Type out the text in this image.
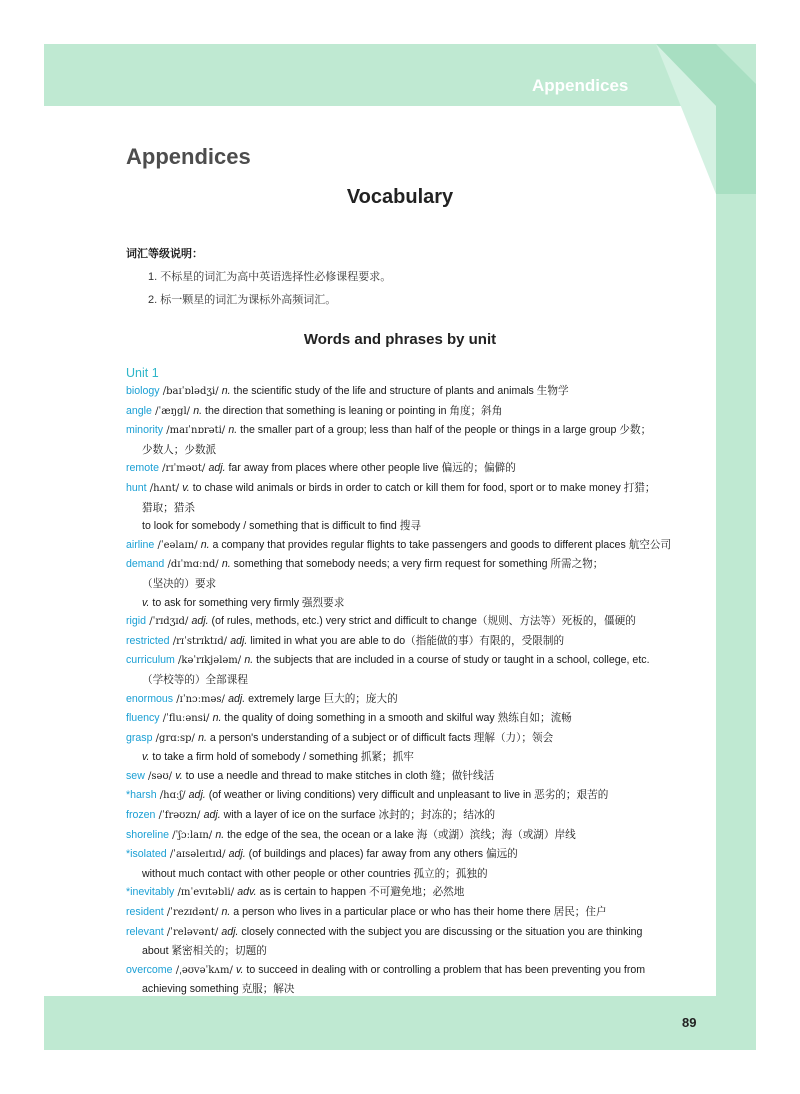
Appendices
Appendices
Vocabulary
词汇等级说明：
1. 不标星的词汇为高中英语选择性必修课程要求。
2. 标一颗星的词汇为课标外高频词汇。
Words and phrases by unit
Unit 1
biology /baɪˈɒlədʒi/ n. the scientific study of the life and structure of plants and animals 生物学
angle /ˈæŋgl/ n. the direction that something is leaning or pointing in 角度；斜角
minority /maɪˈnɒrəti/ n. the smaller part of a group; less than half of the people or things in a large group 少数；
少数人；少数派
remote /rɪˈməʊt/ adj. far away from places where other people live 偏远的；偏僻的
hunt /hʌnt/ v. to chase wild animals or birds in order to catch or kill them for food, sport or to make money 打猎；
猎取；猎杀
to look for somebody / something that is difficult to find 搜寻
airline /ˈeəlaɪn/ n. a company that provides regular flights to take passengers and goods to different places 航空公司
demand /dɪˈmɑːnd/ n. something that somebody needs; a very firm request for something 所需之物；
（坚决的）要求
v. to ask for something very firmly 强烈要求
rigid /ˈrɪdʒɪd/ adj. (of rules, methods, etc.) very strict and difficult to change（规则、方法等）死板的，僵硬的
restricted /rɪˈstrɪktɪd/ adj. limited in what you are able to do（指能做的事）有限的，受限制的
curriculum /kəˈrɪkjələm/ n. the subjects that are included in a course of study or taught in a school, college, etc.
（学校等的）全部课程
enormous /ɪˈnɔːməs/ adj. extremely large 巨大的；庞大的
fluency /ˈfluːənsi/ n. the quality of doing something in a smooth and skilful way 熟练自如；流畅
grasp /grɑːsp/ n. a person's understanding of a subject or of difficult facts 理解（力）；领会
v. to take a firm hold of somebody / something 抓紧；抓牢
sew /səʊ/ v. to use a needle and thread to make stitches in cloth 缝；做针线活
*harsh /hɑːʃ/ adj. (of weather or living conditions) very difficult and unpleasant to live in 恶劣的；艰苦的
frozen /ˈfrəʊzn/ adj. with a layer of ice on the surface 冰封的；封冻的；结冰的
shoreline /ˈʃɔːlaɪn/ n. the edge of the sea, the ocean or a lake 海（或湖）滨线；海（或湖）岸线
*isolated /ˈaɪsəleɪtɪd/ adj. (of buildings and places) far away from any others 偏远的
without much contact with other people or other countries 孤立的；孤独的
*inevitably /ɪnˈevɪtəbli/ adv. as is certain to happen 不可避免地；必然地
resident /ˈrezɪdənt/ n. a person who lives in a particular place or who has their home there 居民；住户
relevant /ˈreləvənt/ adj. closely connected with the subject you are discussing or the situation you are thinking
about 紧密相关的；切题的
overcome /ˌəʊvəˈkʌm/ v. to succeed in dealing with or controlling a problem that has been preventing you from
achieving something 克服；解决
89
